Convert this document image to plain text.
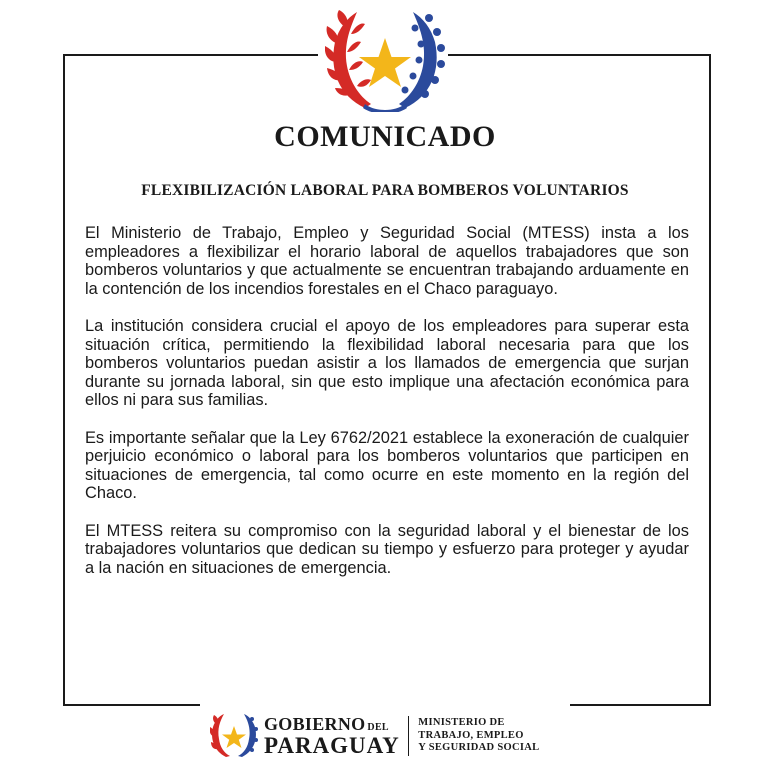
COMUNICADO
FLEXIBILIZACIÓN LABORAL PARA BOMBEROS VOLUNTARIOS

El Ministerio de Trabajo, Empleo y Seguridad Social (MTESS) insta a los empleadores a flexibilizar el horario laboral de aquellos trabajadores que son bomberos voluntarios y que actualmente se encuentran trabajando arduamente en la contención de los incendios forestales en el Chaco paraguayo.

La institución considera crucial el apoyo de los empleadores para superar esta situación crítica, permitiendo la flexibilidad laboral necesaria para que los bomberos voluntarios puedan asistir a los llamados de emergencia que surjan durante su jornada laboral, sin que esto implique una afectación económica para ellos ni para sus familias.

Es importante señalar que la Ley 6762/2021 establece la exoneración de cualquier perjuicio económico o laboral para los bomberos voluntarios que participen en situaciones de emergencia, tal como ocurre en este momento en la región del Chaco.

El MTESS reitera su compromiso con la seguridad laboral y el bienestar de los trabajadores voluntarios que dedican su tiempo y esfuerzo para proteger y ayudar a la nación en situaciones de emergencia.

GOBIERNO DEL
PARAGUAY
MINISTERIO DE
TRABAJO, EMPLEO
Y SEGURIDAD SOCIAL
